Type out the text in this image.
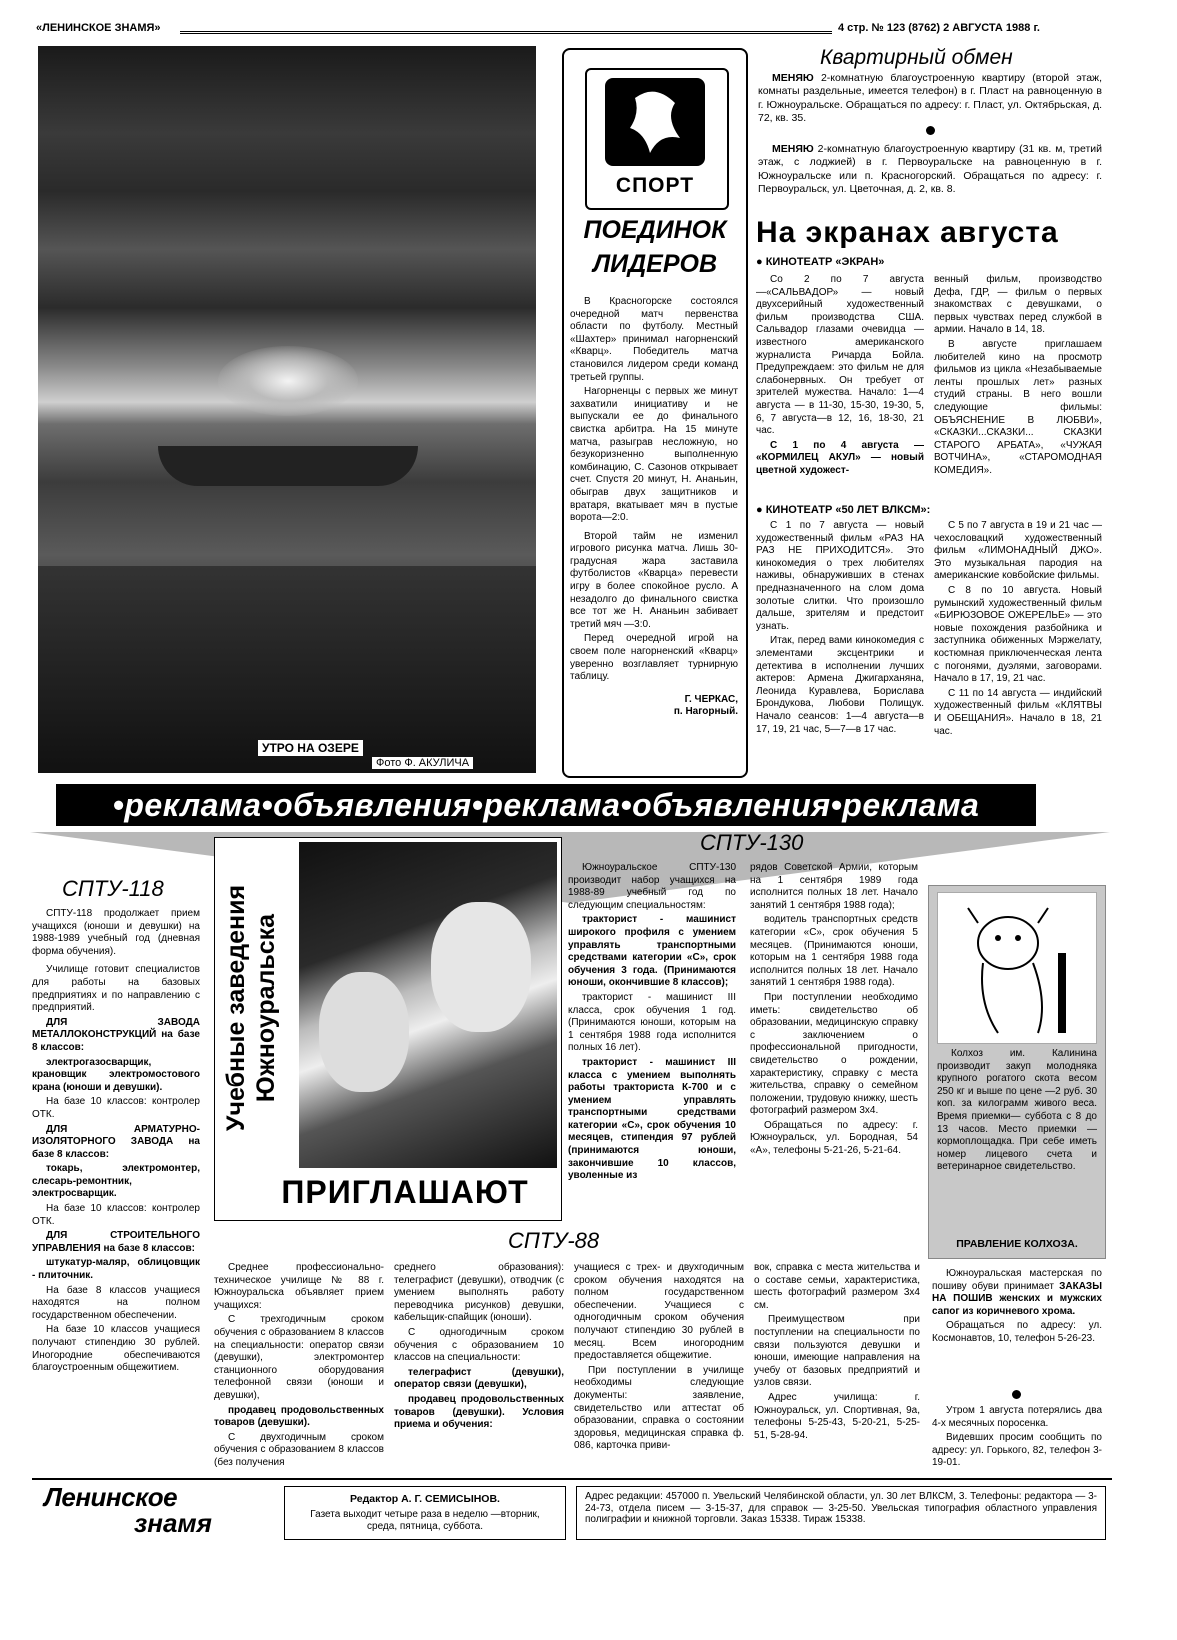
«ЛЕНИНСКОЕ ЗНАМЯ»	4 стр. № 123 (8762) 2 АВГУСТА 1988 г.
УТРО НА ОЗЕРЕ
Фото Ф. АКУЛИЧА
СПОРТ
ПОЕДИНОК
ЛИДЕРОВ

В Красногорске состоялся очередной матч первенства области по футболу. Местный «Шахтер» принимал нагорненский «Кварц». Победитель матча становился лидером среди команд третьей группы.

Нагорненцы с первых же минут захватили инициативу и не выпускали ее до финального свистка арбитра. На 15 минуте матча, разыграв несложную, но безукоризненно выполненную комбинацию, С. Сазонов открывает счет. Спустя 20 минут, Н. Ананьин, обыграв двух защитников и вратаря, вкатывает мяч в пустые ворота—2:0.

Второй тайм не изменил игрового рисунка матча. Лишь 30-градусная жара заставила футболистов «Кварца» перевести игру в более спокойное русло. А незадолго до финального свистка все тот же Н. Ананьин забивает третий мяч —3:0.

Перед очередной игрой на своем поле нагорненский «Кварц» уверенно возглавляет турнирную таблицу.

Г. ЧЕРКАС,
п. Нагорный.
Квартирный обмен

МЕНЯЮ 2-комнатную благоустроенную квартиру (второй этаж, комнаты раздельные, имеется телефон) в г. Пласт на равноценную в г. Южноуральске. Обращаться по адресу: г. Пласт, ул. Октябрьская, д. 72, кв. 35.

МЕНЯЮ 2-комнатную благоустроенную квартиру (31 кв. м, третий этаж, с лоджией) в г. Первоуральске на равноценную в г. Южноуральске или п. Красногорский. Обращаться по адресу: г. Первоуральск, ул. Цветочная, д. 2, кв. 8.

На экранах августа
● КИНОТЕАТР «ЭКРАН»

Со 2 по 7 августа —«САЛЬВАДОР» — новый двухсерийный художественный фильм производства США. Сальвадор глазами очевидца — известного американского журналиста Ричарда Бойла. Предупреждаем: это фильм не для слабонервных. Он требует от зрителей мужества. Начало: 1—4 августа — в 11-30, 15-30, 19-30, 5, 6, 7 августа—в 12, 16, 18-30, 21 час.

С 1 по 4 августа — «КОРМИЛЕЦ АКУЛ» — новый цветной художест-

венный фильм, производство Дефа, ГДР, — фильм о первых знакомствах с девушками, о первых чувствах перед службой в армии. Начало в 14, 18.

В августе приглашаем любителей кино на просмотр фильмов из цикла «Незабываемые ленты прошлых лет» разных студий страны. В него вошли следующие фильмы: ОБЪЯСНЕНИЕ В ЛЮБВИ», «СКАЗКИ...СКАЗКИ... СКАЗКИ СТАРОГО АРБАТА», «ЧУЖАЯ ВОТЧИНА», «СТАРОМОДНАЯ КОМЕДИЯ».

● КИНОТЕАТР «50 ЛЕТ ВЛКСМ»:

С 1 по 7 августа — новый художественный фильм «РАЗ НА РАЗ НЕ ПРИХОДИТСЯ». Это кинокомедия о трех любителях наживы, обнаруживших в стенах предназначенного на слом дома золотые слитки. Что произошло дальше, зрителям и предстоит узнать.

Итак, перед вами кинокомедия с элементами эксцентрики и детектива в исполнении лучших актеров: Армена Джигарханяна, Леонида Куравлева, Бориславa Брондукова, Любови Полищук. Начало сеансов: 1—4 августа—в 17, 19, 21 час, 5—7—в 17 час.

С 5 по 7 августа в 19 и 21 час — чехословацкий художественный фильм «ЛИМОНАДНЫЙ ДЖО». Это музыкальная пародия на американские ковбойские фильмы.

С 8 по 10 августа. Новый румынский художественный фильм «БИРЮЗОВОЕ ОЖЕРЕЛЬЕ» — это новые похождения разбойника и заступника обиженных Мэржелату, костюмная приключенческая лента с погонями, дуэлями, заговорами. Начало в 17, 19, 21 час.

С 11 по 14 августа — индийский художественный фильм «КЛЯТВЫ И ОБЕЩАНИЯ». Начало в 18, 21 час.

•реклама•объявления•реклама•объявления•реклама
Учебные заведения Южноуральска
ПРИГЛАШАЮТ
СПТУ-118

СПТУ-118 продолжает прием учащихся (юноши и девушки) на 1988-1989 учебный год (дневная форма обучения).

Училище готовит специалистов для работы на базовых предприятиях и по направлению с предприятий.

ДЛЯ ЗАВОДА МЕТАЛЛОКОНСТРУКЦИЙ на базе 8 классов:

электрогазосварщик, крановщик электромостового крана (юноши и девушки).

На базе 10 классов: контролер ОТК.

ДЛЯ АРМАТУРНО-ИЗОЛЯТОРНОГО ЗАВОДА на базе 8 классов:

токарь, электромонтер, слесарь-ремонтник, электросварщик.

На базе 10 классов: контролер ОТК.

ДЛЯ СТРОИТЕЛЬНОГО УПРАВЛЕНИЯ на базе 8 классов:

штукатур-маляр, облицовщик - плиточник.

На базе 8 классов учащиеся находятся на полном государственном обеспечении.

На базе 10 классов учащиеся получают стипендию 30 рублей. Иногородние обеспечиваются благоустроенным общежитием.

СПТУ-130

Южноуральское СПТУ-130 производит набор учащихся на 1988-89 учебный год по следующим специальностям:

тракторист - машинист широкого профиля с умением управлять транспортными средствами категории «С», срок обучения 3 года. (Принимаются юноши, окончившие 8 классов);

тракторист - машинист III класса, срок обучения 1 год. (Принимаются юноши, которым на 1 сентября 1988 года исполнится полных 16 лет).

тракторист - машинист III класса с умением выполнять работы тракториста К-700 и с умением управлять транспортными средствами категории «С», срок обучения 10 месяцев, стипендия 97 рублей (принимаются юноши, закончившие 10 классов, уволенные из

рядов Советской Армии, которым на 1 сентября 1989 года исполнится полных 18 лет. Начало занятий 1 сентября 1988 года);

водитель транспортных средств категории «С», срок обучения 5 месяцев. (Принимаются юноши, которым на 1 сентября 1988 года исполнится полных 18 лет. Начало занятий 1 сентября 1988 года).

При поступлении необходимо иметь: свидетельство об образовании, медицинскую справку с заключением о профессиональной пригодности, свидетельство о рождении, характеристику, справку с места жительства, справку о семейном положении, трудовую книжку, шесть фотографий размером 3х4.

Обращаться по адресу: г. Южноуральск, ул. Бородная, 54 «А», телефоны 5-21-26, 5-21-64.

Колхоз им. Калинина производит закуп молодняка крупного рогатого скота весом 250 кг и выше по цене —2 руб. 30 коп. за килограмм живого веса. Время приемки— суббота с 8 до 13 часов. Место приемки — кормоплощадка. При себе иметь номер лицевого счета и ветеринарное свидетельство.
ПРАВЛЕНИЕ КОЛХОЗА.
СПТУ-88

Среднее профессионально-техническое училище № 88 г. Южноуральска объявляет прием учащихся:

С трехгодичным сроком обучения с образованием 8 классов на специальности: оператор связи (девушки), электромонтер станционного оборудования телефонной связи (юноши и девушки),

продавец продовольственных товаров (девушки).

С двухгодичным сроком обучения с образованием 8 классов (без получения

среднего образования): телеграфист (девушки), отводчик (с умением выполнять работу переводчика рисунков) девушки, кабельщик-спайщик (юноши).

С одногодичным сроком обучения с образованием 10 классов на специальности:

телеграфист (девушки), оператор связи (девушки),

продавец продовольственных товаров (девушки). Условия приема и обучения:

учащиеся с трех- и двухгодичным сроком обучения находятся на полном государственном обеспечении. Учащиеся с одногодичным сроком обучения получают стипендию 30 рублей в месяц. Всем иногородним предоставляется общежитие.

При поступлении в училище необходимы следующие документы: заявление, свидетельство или аттестат об образовании, справка о состоянии здоровья, медицинская справка ф. 086, карточка приви-

вок, справка с места жительства и о составе семьи, характеристика, шесть фотографий размером 3х4 см.

Преимуществом при поступлении на специальности по связи пользуются девушки и юноши, имеющие направления на учебу от базовых предприятий и узлов связи.

Адрес училища: г. Южноуральск, ул. Спортивная, 9а, телефоны 5-25-43, 5-20-21, 5-25-51, 5-28-94.

Южноуральская мастерская по пошиву обуви принимает ЗАКАЗЫ НА ПОШИВ женских и мужских сапог из коричневого хрома.

Обращаться по адресу: ул. Космонавтов, 10, телефон 5-26-23.

Утром 1 августа потерялись два 4-х месячных поросенка.

Видевших просим сообщить по адресу: ул. Горького, 82, телефон 3-19-01.

Ленинское
знамя
Редактор А. Г. СЕМИСЫНОВ.
Газета выходит четыре раза в неделю —вторник, среда, пятница, суббота.
Адрес редакции: 457000 п. Увельский Челябинской области, ул. 30 лет ВЛКСМ, 3. Телефоны: редактора — 3-24-73, отдела писем — 3-15-37, для справок — 3-25-50. Увельская типография областного управления полиграфии и книжной торговли. Заказ 15338. Тираж 15338.
